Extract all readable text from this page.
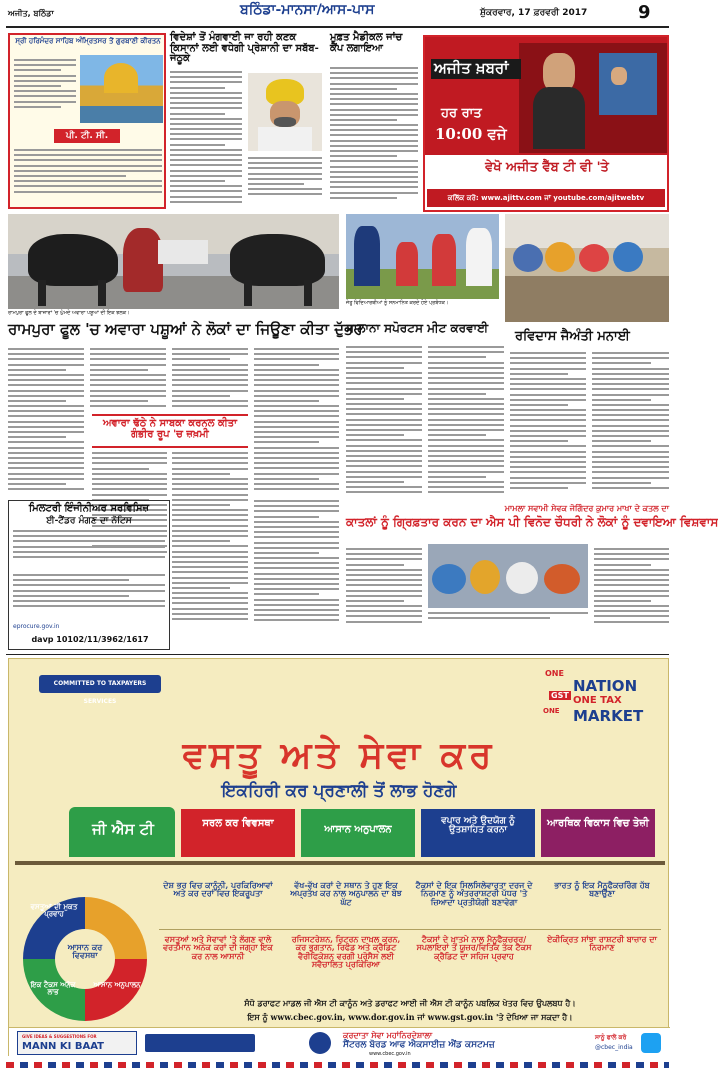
ਅਜੀਤ, ਬਠਿੰਡਾ	ਬਠਿੰਡਾ-ਮਾਨਸਾ/ਆਸ-ਪਾਸ	ਸ਼ੁੱਕਰਵਾਰ, 17 ਫ਼ਰਵਰੀ 2017	9
ਸ੍ਰੀ ਹਰਿਮੰਦਰ ਸਾਹਿਬ ਅੰਮ੍ਰਿਤਸਰ ਤੋਂ ਗੁਰਬਾਣੀ ਕੀਰਤਨ
ਪੀ. ਟੀ. ਸੀ.
ਵਿਦੇਸ਼ਾਂ ਤੋਂ ਮੰਗਵਾਈ ਜਾ ਰਹੀ ਕਣਕ ਕਿਸਾਨਾਂ ਲਈ ਵਧੇਗੀ ਪ੍ਰੇਸ਼ਾਨੀ ਦਾ ਸਬੱਬ-ਜੇਠੂਕੇ
ਮੁਫ਼ਤ ਮੈਡੀਕਲ ਜਾਂਚ ਕੈਂਪ ਲਗਾਇਆ
ਅਜੀਤ ਖ਼ਬਰਾਂ
ਹਰ ਰਾਤ
10:00 ਵਜੇ
ਵੇਖੋ ਅਜੀਤ ਵੈੱਬ ਟੀ ਵੀ 'ਤੇ
ਕਲਿੱਕ ਕਰੋ: www.ajittv.com ਜਾਂ youtube.com/ajitwebtv
ਰਾਮਪੁਰਾ ਫੂਲ ਦੇ ਬਾਜ਼ਾਰਾਂ 'ਚ ਘੁੰਮਦੇ ਅਵਾਰਾ ਪਸ਼ੂਆਂ ਦੀ ਇਕ ਝਲਕ।
ਜੇਤੂ ਵਿਦਿਆਰਥੀਆਂ ਨੂੰ ਸਨਮਾਨਿਤ ਕਰਦੇ ਹੋਏ ਪ੍ਰਬੰਧਕ।
ਰਾਮਪੁਰਾ ਫੂਲ 'ਚ ਅਵਾਰਾ ਪਸ਼ੂਆਂ ਨੇ ਲੋਕਾਂ ਦਾ ਜਿਊਣਾ ਕੀਤਾ ਦੁੱਭਰ
ਸਾਲਾਨਾ ਸਪੋਰਟਸ ਮੀਟ ਕਰਵਾਈ
ਰਵਿਦਾਸ ਜੈਅੰਤੀ ਮਨਾਈ
ਅਵਾਰਾ ਢੱਠੇ ਨੇ ਸਾਬਕਾ ਕਰਨਲ ਕੀਤਾ ਗੰਭੀਰ ਰੂਪ 'ਚ ਜ਼ਖ਼ਮੀ
ਮਿਲਟਰੀ ਇੰਜੀਨੀਅਰ ਸਰਵਿਸਿਜ਼
ਈ-ਟੈਂਡਰ ਮੰਗਣ ਦਾ ਨੋਟਿਸ
eprocure.gov.in
davp 10102/11/3962/1617
ਮਾਮਲਾ ਸਵਾਮੀ ਸੇਵਕ ਜੋਗਿੰਦਰ ਕੁਮਾਰ ਮਾਖਾ ਦੇ ਕਤਲ ਦਾ
ਕਾਤਲਾਂ ਨੂੰ ਗ੍ਰਿਫ਼ਤਾਰ ਕਰਨ ਦਾ ਐਸ ਪੀ ਵਿਨੋਦ ਚੌਧਰੀ ਨੇ ਲੋਕਾਂ ਨੂੰ ਦਵਾਇਆ ਵਿਸ਼ਵਾਸ
COMMITTED TO TAXPAYERS SERVICES
ONE
NATION
ONE TAX
ONE MARKET
GST
ਵਸਤੂ ਅਤੇ ਸੇਵਾ ਕਰ
ਇਕਹਿਰੀ ਕਰ ਪ੍ਰਣਾਲੀ ਤੋਂ ਲਾਭ ਹੋਣਗੇ
ਜੀ ਐਸ ਟੀ	ਸਰਲ ਕਰ ਵਿਵਸਥਾ
ਆਸਾਨ ਅਨੁਪਾਲਨ
ਵਪਾਰ ਅਤੇ ਉਦਯੋਗ ਨੂੰ ਉਤਸ਼ਾਹਿਤ ਕਰਨਾ
ਆਰਥਿਕ ਵਿਕਾਸ ਵਿਚ ਤੇਜ਼ੀ
ਵਸਤੂਆਂ ਦੀ ਮੁਕਤ ਪ੍ਰਵਾਹ
ਆਸਾਨ ਕਰ ਵਿਵਸਥਾ
ਇਕ ਟੈਕਸ ਅਨੇਕ ਲਾਭ
ਆਸਾਨ ਅਨੁਪਾਲਨ
ਦੇਸ਼ ਭਰ ਵਿਚ ਕਾਨੂੰਨੀ, ਪ੍ਰਕਿਰਿਆਵਾਂ ਅਤੇ ਕਰ ਦਰਾਂ ਵਿਚ ਇਕਰੂਪਤਾ
ਵੱਖ-ਵੱਖ ਕਰਾਂ ਦੇ ਸਥਾਨ ਤੇ ਹੁਣ ਇਕ ਅਪ੍ਰਤੱਖ ਕਰ ਨਾਲ ਅਨੁਪਾਲਨ ਦਾ ਬੋਝ ਘੱਟ
ਟੈਕਸਾਂ ਦੇ ਇਕ ਸਿਲਸਿਲੇਵਾਰਤਾ ਦਰਜ ਦੇ ਨਿਰਮਾਣ ਨੂੰ ਅੰਤਰਰਾਸ਼ਟਰੀ ਪੱਧਰ 'ਤੇ ਜ਼ਿਆਦਾ ਪ੍ਰਤੀਯੋਗੀ ਬਣਾਵੇਗਾ
ਭਾਰਤ ਨੂੰ ਇਕ ਮੈਨੂਫੈਕਚਰਿੰਗ ਹੱਬ ਬਣਾਉਣਾ
ਵਸਤੂਆਂ ਅਤੇ ਸੇਵਾਵਾਂ 'ਤੇ ਲੱਗਣ ਵਾਲੇ ਵਰਤਮਾਨ ਅਨੇਕ ਕਰਾਂ ਦੀ ਜਗ੍ਹਾ ਇਕ ਕਰ ਨਾਲ ਆਸਾਨੀ
ਰਜਿਸਟਰੇਸ਼ਨ, ਰਿਟਰਨ ਦਾਖ਼ਲ ਕਰਨ, ਕਰ ਭੁਗਤਾਨ, ਰਿਫੰਡ ਅਤੇ ਕ੍ਰੈਡਿਟ ਵੈਰੀਫਿਕੇਸ਼ਨ ਵਰਗੀ ਪ੍ਰੋਸੈਸ ਲਈ ਸਵੈਚਾਲਿਤ ਪ੍ਰਕਿਰਿਆ
ਟੈਕਸਾਂ ਦੇ ਖ਼ਾਤਮੇ ਨਾਲ ਮੈਨੂਫੈਕਚਰਰ/ਸਪਲਾਇਰਾਂ ਤੋਂ ਯੂਜ਼ਰ/ਵਿਤਿਕ ਤੱਕ ਟੈਕਸ ਕ੍ਰੈਡਿਟ ਦਾ ਸਹਿਜ ਪ੍ਰਵਾਹ
ਏਕੀਕ੍ਰਿਤ ਸਾਂਝਾ ਰਾਸ਼ਟਰੀ ਬਾਜ਼ਾਰ ਦਾ ਨਿਰਮਾਣ
ਸੰਧੋ ਡਰਾਫਟ ਮਾਡਲ ਜੀ ਐਸ ਟੀ ਕਾਨੂੰਨ ਅਤੇ ਡਰਾਫਟ ਆਈ ਜੀ ਐਸ ਟੀ ਕਾਨੂੰਨ ਪਬਲਿਕ ਖੇਤਰ ਵਿਚ ਉਪਲਬਧ ਹੈ।
ਇਸ ਨੂੰ www.cbec.gov.in, www.dor.gov.in ਜਾਂ www.gst.gov.in 'ਤੇ ਦੇਖਿਆ ਜਾ ਸਕਦਾ ਹੈ।
GIVE IDEAS & SUGGESTIONS FOR
MANN KI BAAT
ਕਰਦਾਤਾ ਸੇਵਾ ਮਹਾਂਨਿਰਦੇਸ਼ਾਲਾ
ਸੈਂਟਰਲ ਬੋਰਡ ਆਫ ਐਕਸਾਈਜ਼ ਐਂਡ ਕਸਟਮਜ਼
www.cbec.gov.in
ਸਾਨੂੰ ਫਾਲੋ ਕਰੋ
@cbec_india
